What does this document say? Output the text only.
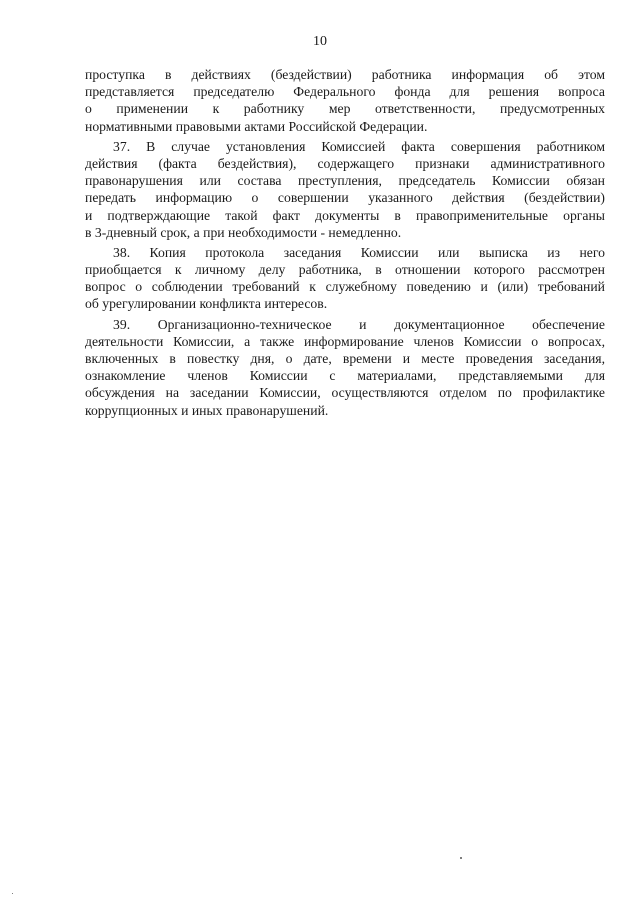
10
проступка в действиях (бездействии) работника информация об этом
представляется председателю Федерального фонда для решения вопроса
о применении к работнику мер ответственности, предусмотренных
нормативными правовыми актами Российской Федерации.
37. В случае установления Комиссией факта совершения работником
действия (факта бездействия), содержащего признаки административного
правонарушения или состава преступления, председатель Комиссии обязан
передать информацию о совершении указанного действия (бездействии)
и подтверждающие такой факт документы в правоприменительные органы
в 3-дневный срок, а при необходимости - немедленно.
38. Копия протокола заседания Комиссии или выписка из него
приобщается к личному делу работника, в отношении которого рассмотрен
вопрос о соблюдении требований к служебному поведению и (или) требований
об урегулировании конфликта интересов.
39. Организационно-техническое и документационное обеспечение
деятельности Комиссии, а также информирование членов Комиссии о вопросах,
включенных в повестку дня, о дате, времени и месте проведения заседания,
ознакомление членов Комиссии с материалами, представляемыми для
обсуждения на заседании Комиссии, осуществляются отделом по профилактике
коррупционных и иных правонарушений.
